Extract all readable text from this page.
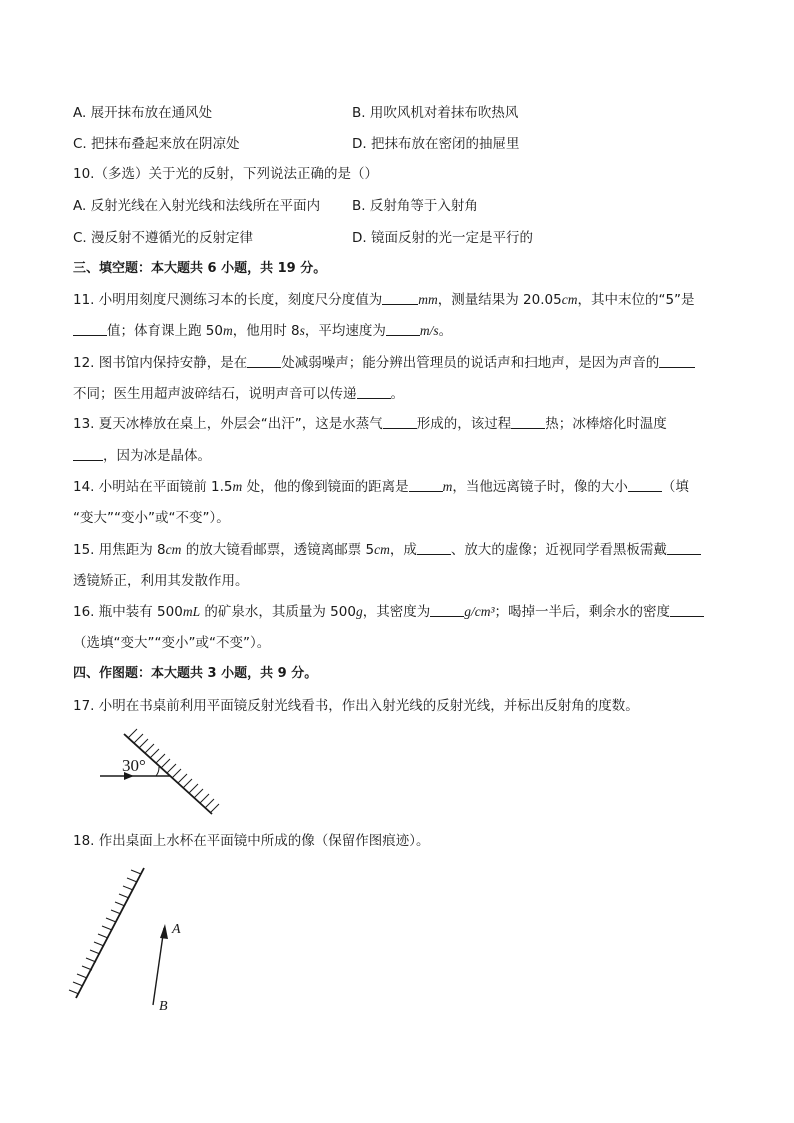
A. 展开抹布放在通风处	B. 用吹风机对着抹布吹热风
C. 把抹布叠起来放在阴凉处	D. 把抹布放在密闭的抽屉里
10.（多选）关于光的反射，下列说法正确的是（）
A. 反射光线在入射光线和法线所在平面内 B. 反射角等于入射角
C. 漫反射不遵循光的反射定律	D. 镜面反射的光一定是平行的
三、填空题：本大题共 6 小题，共 19 分。
11. 小明用刻度尺测练习本的长度，刻度尺分度值为	mm，测量结果为 20.05cm，其中末位的“5”是
值；体育课上跑 50m，他用时 8s，平均速度为	m/s。
12. 图书馆内保持安静，是在	处减弱噪声；能分辨出管理员的说话声和扫地声，是因为声音的
不同；医生用超声波碎结石，说明声音可以传递	。
13. 夏天冰棒放在桌上，外层会“出汗”，这是水蒸气	形成的，该过程	热；冰棒熔化时温度
，因为冰是晶体。
14. 小明站在平面镜前 1.5m 处，他的像到镜面的距离是	m，当他远离镜子时，像的大小	（填
“变大”“变小”或“不变”）。
15. 用焦距为 8cm 的放大镜看邮票，透镜离邮票 5cm，成	、放大的虚像；近视同学看黑板需戴
透镜矫正，利用其发散作用。
16. 瓶中装有 500mL 的矿泉水，其质量为 500g，其密度为	g/cm³；喝掉一半后，剩余水的密度
（选填“变大”“变小”或“不变”）。
四、作图题：本大题共 3 小题，共 9 分。
17. 小明在书桌前利用平面镜反射光线看书，作出入射光线的反射光线，并标出反射角的度数。
30°
18. 作出桌面上水杯在平面镜中所成的像（保留作图痕迹）。
A
B
